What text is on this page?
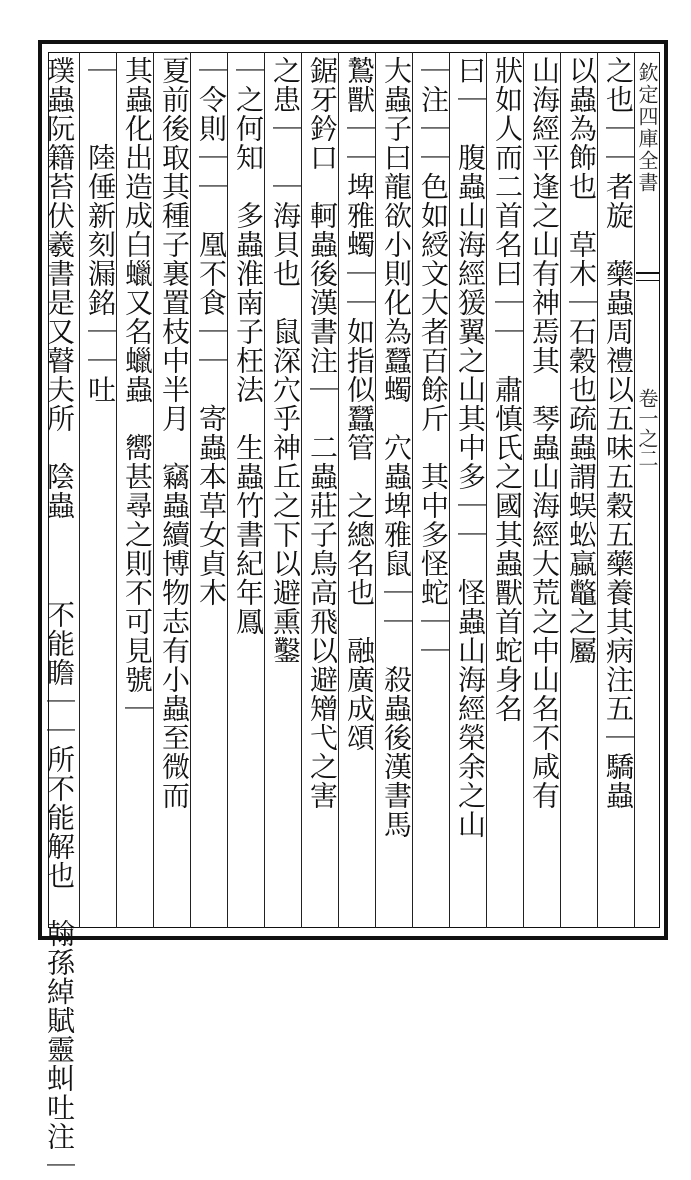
欽定四庫全書
卷一之二
之也｜｜者旋　藥蟲周禮以五味五穀五藥養其病注五｜驕蟲
以蟲為飾也　草木｜石穀也疏蟲謂蜈蚣蠃鼈之屬
山海經平逢之山有神焉其　琴蟲山海經大荒之中山名不咸有
狀如人而二首名曰｜｜　肅慎氏之國其蟲獸首蛇身名
曰｜　腹蟲山海經猨翼之山其中多｜｜　怪蟲山海經榮余之山
｜注｜｜色如綬文大者百餘斤　其中多怪蛇｜｜
大蟲子曰龍欲小則化為蠶蠋　穴蟲埤雅鼠｜｜　殺蟲後漢書馬
鷙獸｜｜埤雅蠋｜｜如指似蠶管　之總名也　融廣成頌
鋸牙鈐口　軻蟲後漢書注｜　二蟲莊子鳥高飛以避矰弋之害
之患｜　｜海貝也　鼠深穴乎神丘之下以避熏鑿
｜之何知　多蟲淮南子枉法　生蟲竹書紀年鳳
｜令則｜｜　凰不食｜｜　寄蟲本草女貞木
夏前後取其種子裏置枝中半月　竊蟲續博物志有小蟲至微而
其蟲化出造成白蠟又名蠟蟲　嚮甚尋之則不可見號｜
｜　　陸倕新刻漏銘｜｜吐
璞蟲阮籍苔伏羲書是又瞽夫所　陰蟲
不能瞻｜｜所不能解也　翰孫綽賦靈虯吐注｜
